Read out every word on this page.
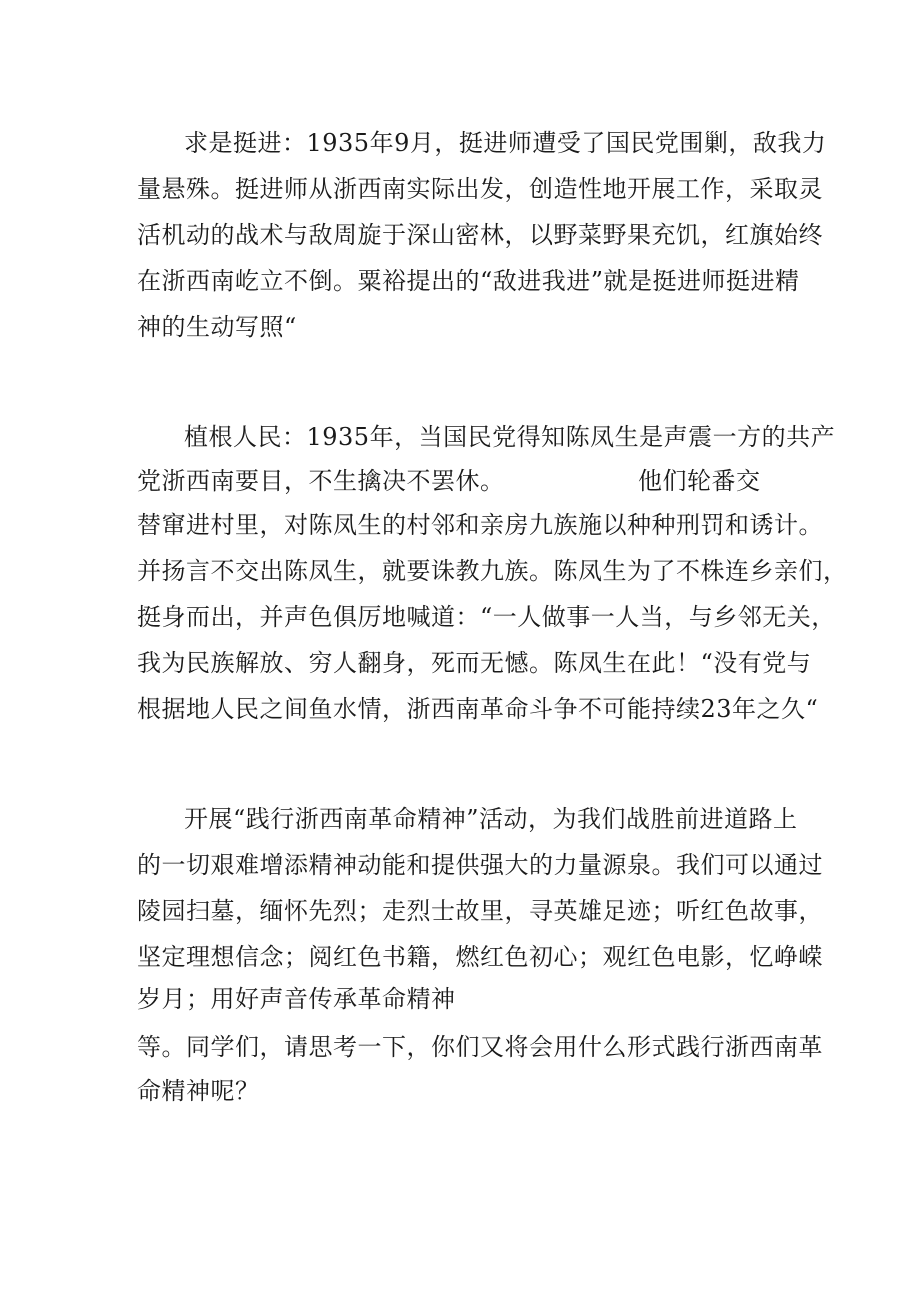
求是挺进：1935年9月，挺进师遭受了国民党围剿，敌我力
量悬殊。挺进师从浙西南实际出发，创造性地开展工作，采取灵
活机动的战术与敌周旋于深山密林，以野菜野果充饥，红旗始终
在浙西南屹立不倒。粟裕提出的“敌进我进”就是挺进师挺进精
神的生动写照“
植根人民：1935年，当国民党得知陈凤生是声震一方的共产
党浙西南要目，不生擒决不罢休。	他们轮番交
替窜进村里，对陈凤生的村邻和亲房九族施以种种刑罚和诱计。
并扬言不交出陈凤生，就要诛教九族。陈凤生为了不株连乡亲们，
挺身而出，并声色俱厉地喊道：“一人做事一人当，与乡邻无关，
我为民族解放、穷人翻身，死而无憾。陈凤生在此！“没有党与
根据地人民之间鱼水情，浙西南革命斗争不可能持续23年之久“
开展“践行浙西南革命精神”活动，为我们战胜前进道路上
的一切艰难增添精神动能和提供强大的力量源泉。我们可以通过
陵园扫墓，缅怀先烈；走烈士故里，寻英雄足迹；听红色故事，
坚定理想信念；阅红色书籍，燃红色初心；观红色电影，忆峥嵘
岁月；用好声音传承革命精神
等。同学们，请思考一下，你们又将会用什么形式践行浙西南革
命精神呢？
